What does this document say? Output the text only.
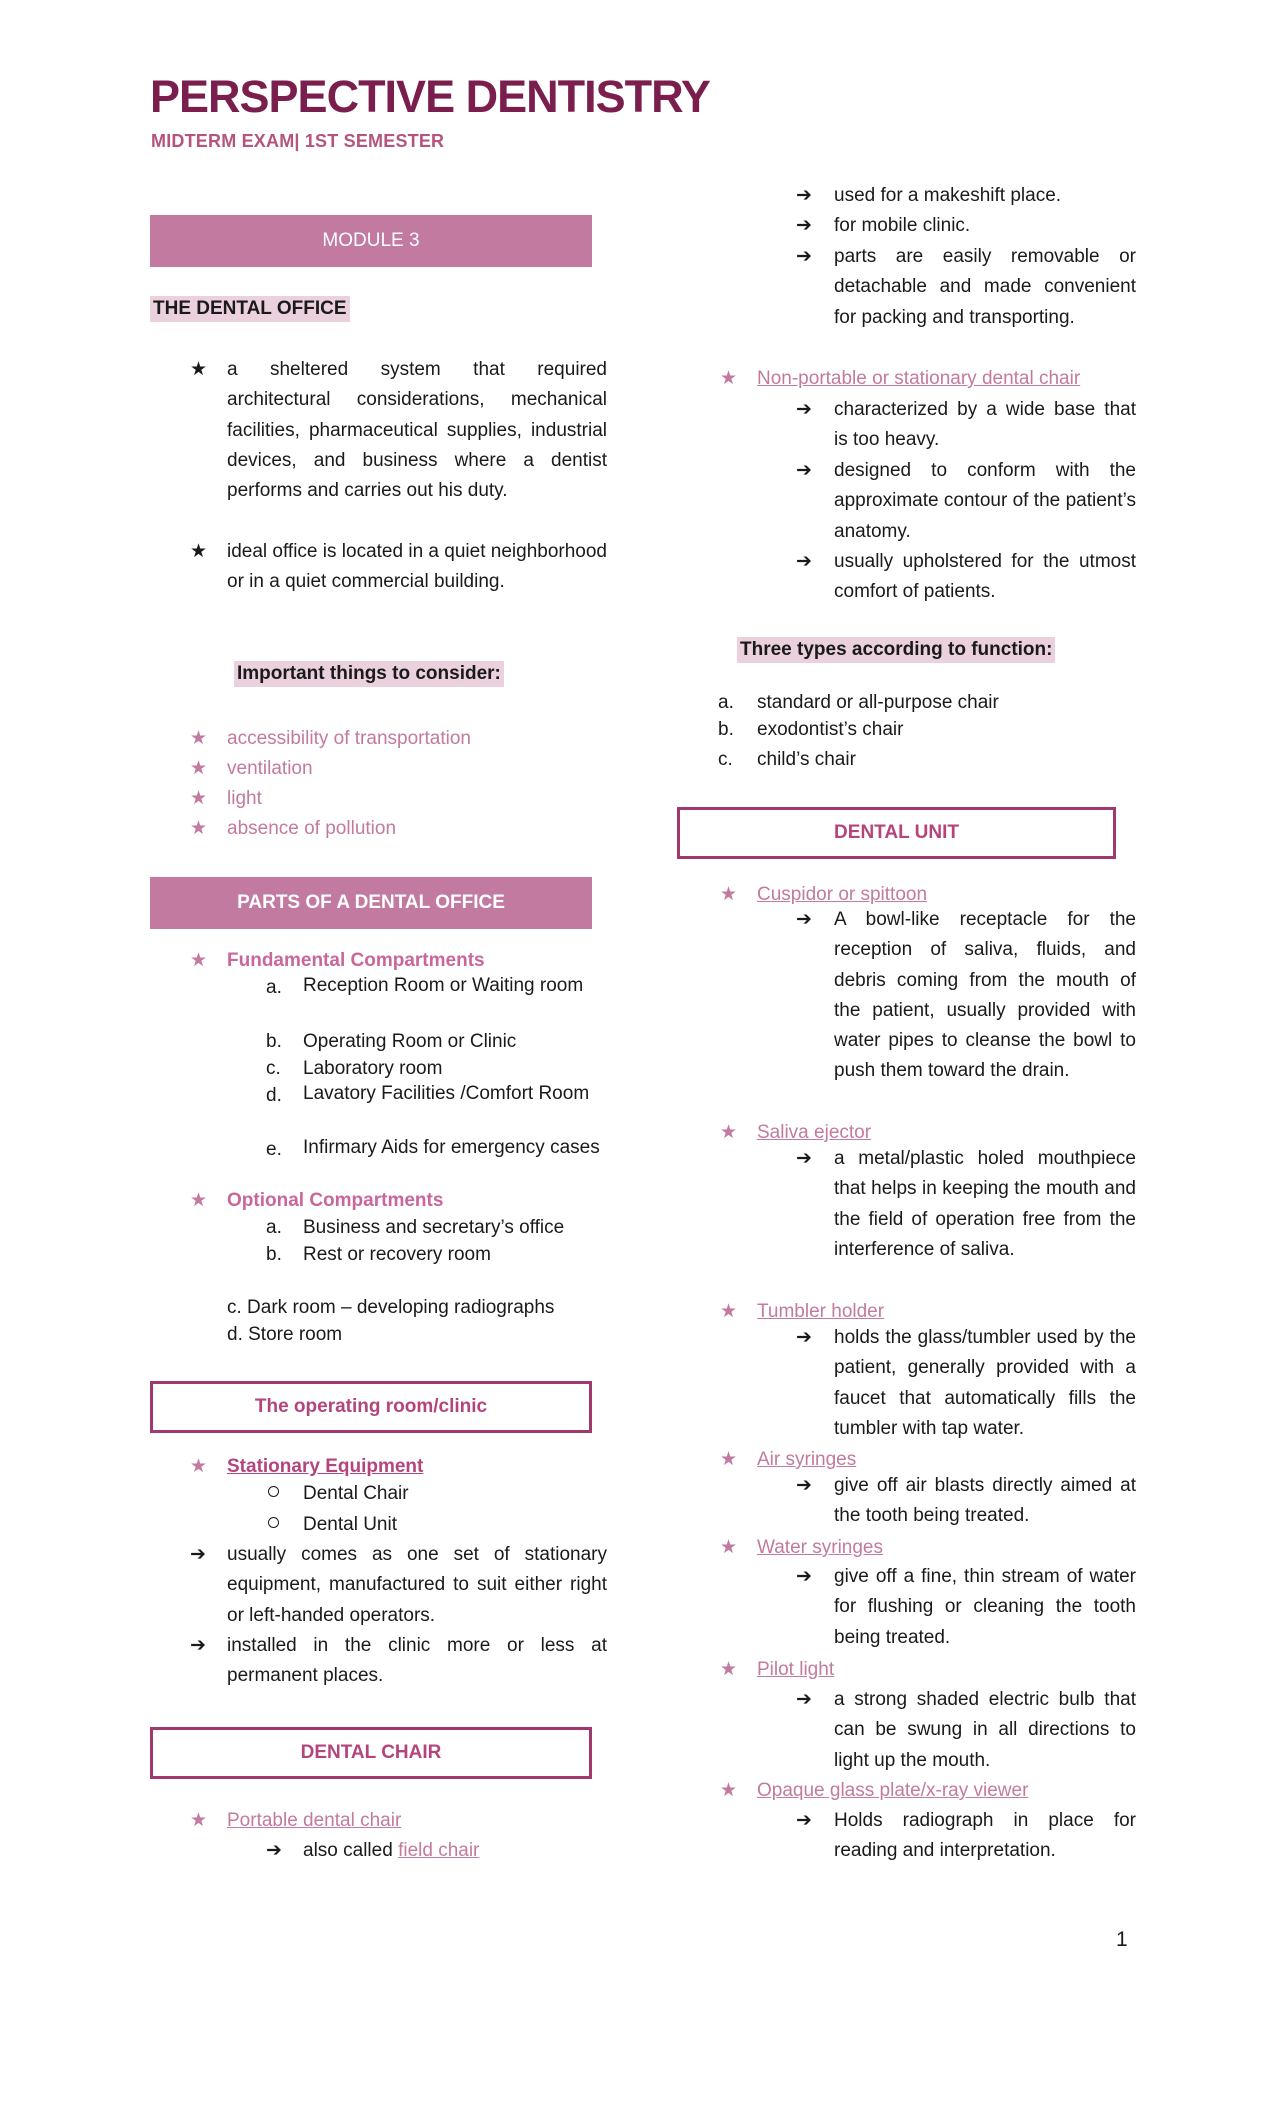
PERSPECTIVE DENTISTRY
MIDTERM EXAM| 1ST SEMESTER
MODULE 3
THE DENTAL OFFICE
★ a sheltered system that required architectural considerations, mechanical facilities, pharmaceutical supplies, industrial devices, and business where a dentist performs and carries out his duty.
★ ideal office is located in a quiet neighborhood or in a quiet commercial building.
Important things to consider:
★ accessibility of transportation
★ ventilation
★ light
★ absence of pollution
PARTS OF A DENTAL OFFICE
★ Fundamental Compartments
a. Reception Room or Waiting room
b. Operating Room or Clinic
c. Laboratory room
d. Lavatory Facilities /Comfort Room
e. Infirmary Aids for emergency cases
★ Optional Compartments
a. Business and secretary’s office
b. Rest or recovery room
c. Dark room – developing radiographs
d. Store room
The operating room/clinic
★ Stationary Equipment
Dental Chair
Dental Unit
➔ usually comes as one set of stationary equipment, manufactured to suit either right or left-handed operators.
➔ installed in the clinic more or less at permanent places.
DENTAL CHAIR
★ Portable dental chair
➔ also called field chair
➔ used for a makeshift place.
➔ for mobile clinic.
➔ parts are easily removable or detachable and made convenient for packing and transporting.
★ Non-portable or stationary dental chair
➔ characterized by a wide base that is too heavy.
➔ designed to conform with the approximate contour of the patient’s anatomy.
➔ usually upholstered for the utmost comfort of patients.
Three types according to function:
a. standard or all-purpose chair
b. exodontist’s chair
c. child’s chair
DENTAL UNIT
★ Cuspidor or spittoon
➔ A bowl-like receptacle for the reception of saliva, fluids, and debris coming from the mouth of the patient, usually provided with water pipes to cleanse the bowl to push them toward the drain.
★ Saliva ejector
➔ a metal/plastic holed mouthpiece that helps in keeping the mouth and the field of operation free from the interference of saliva.
★ Tumbler holder
➔ holds the glass/tumbler used by the patient, generally provided with a faucet that automatically fills the tumbler with tap water.
★ Air syringes
➔ give off air blasts directly aimed at the tooth being treated.
★ Water syringes
➔ give off a fine, thin stream of water for flushing or cleaning the tooth being treated.
★ Pilot light
➔ a strong shaded electric bulb that can be swung in all directions to light up the mouth.
★ Opaque glass plate/x-ray viewer
➔ Holds radiograph in place for reading and interpretation.
1
